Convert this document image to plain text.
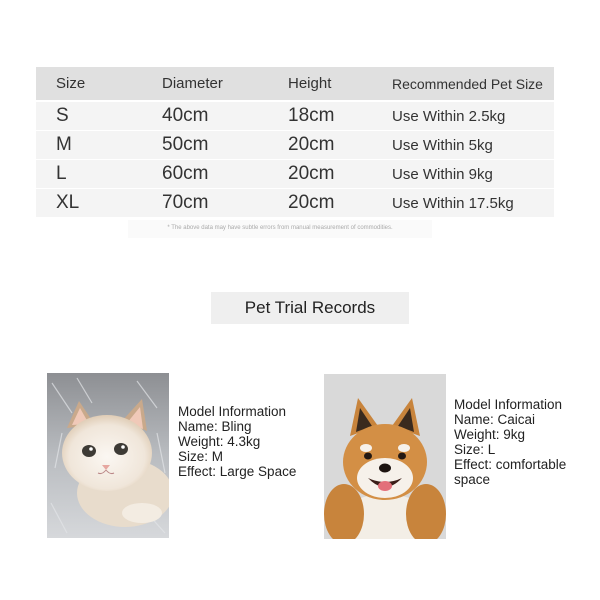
Size	Diameter	Height	Recommended Pet Size
S	40cm	18cm	Use Within 2.5kg
M	50cm	20cm	Use Within 5kg
L	60cm	20cm	Use Within 9kg
XL	70cm	20cm	Use Within 17.5kg
* The above data may have subtle errors from manual measurement of commodities.
Pet Trial Records
Model Information
Name: Bling
Weight: 4.3kg
Size: M
Effect: Large Space
Model Information
Name: Caicai
Weight: 9kg
Size: L
Effect: comfortable space
